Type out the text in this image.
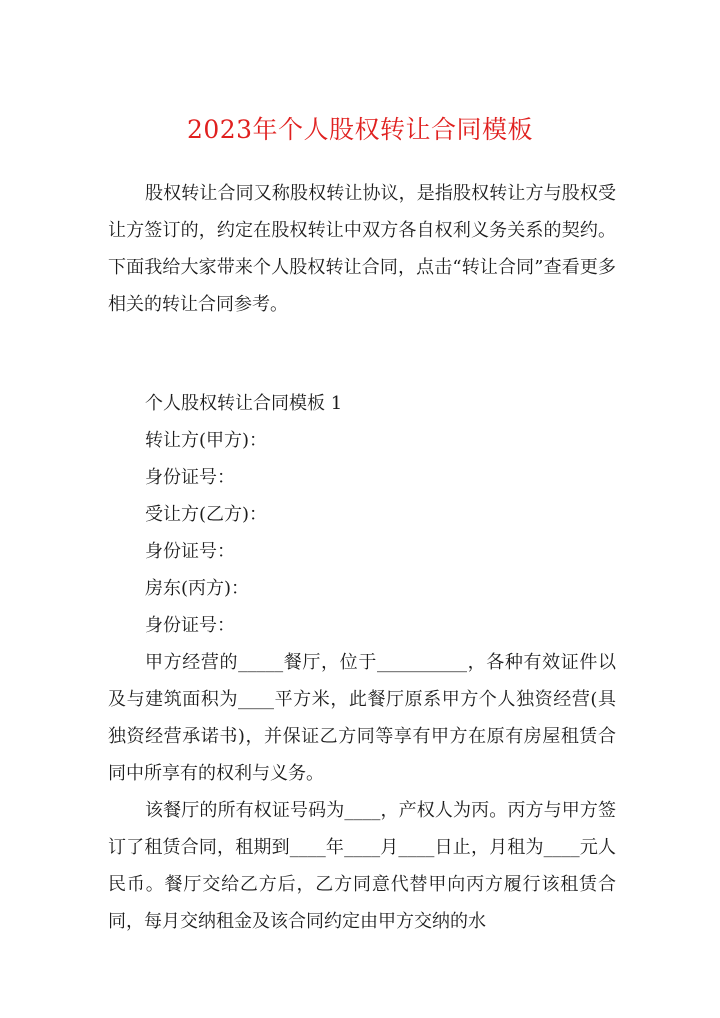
2023年个人股权转让合同模板

股权转让合同又称股权转让协议，是指股权转让方与股权受让方签订的，约定在股权转让中双方各自权利义务关系的契约。下面我给大家带来个人股权转让合同，点击“转让合同”查看更多相关的转让合同参考。

个人股权转让合同模板 1

转让方(甲方)：

身份证号：

受让方(乙方)：

身份证号：

房东(丙方)：

身份证号：

甲方经营的_____餐厅，位于__________，各种有效证件以及与建筑面积为____平方米，此餐厅原系甲方个人独资经营(具独资经营承诺书)，并保证乙方同等享有甲方在原有房屋租赁合同中所享有的权利与义务。

该餐厅的所有权证号码为____，产权人为丙。丙方与甲方签订了租赁合同，租期到____年____月____日止，月租为____元人民币。餐厅交给乙方后，乙方同意代替甲向丙方履行该租赁合同，每月交纳租金及该合同约定由甲方交纳的水
